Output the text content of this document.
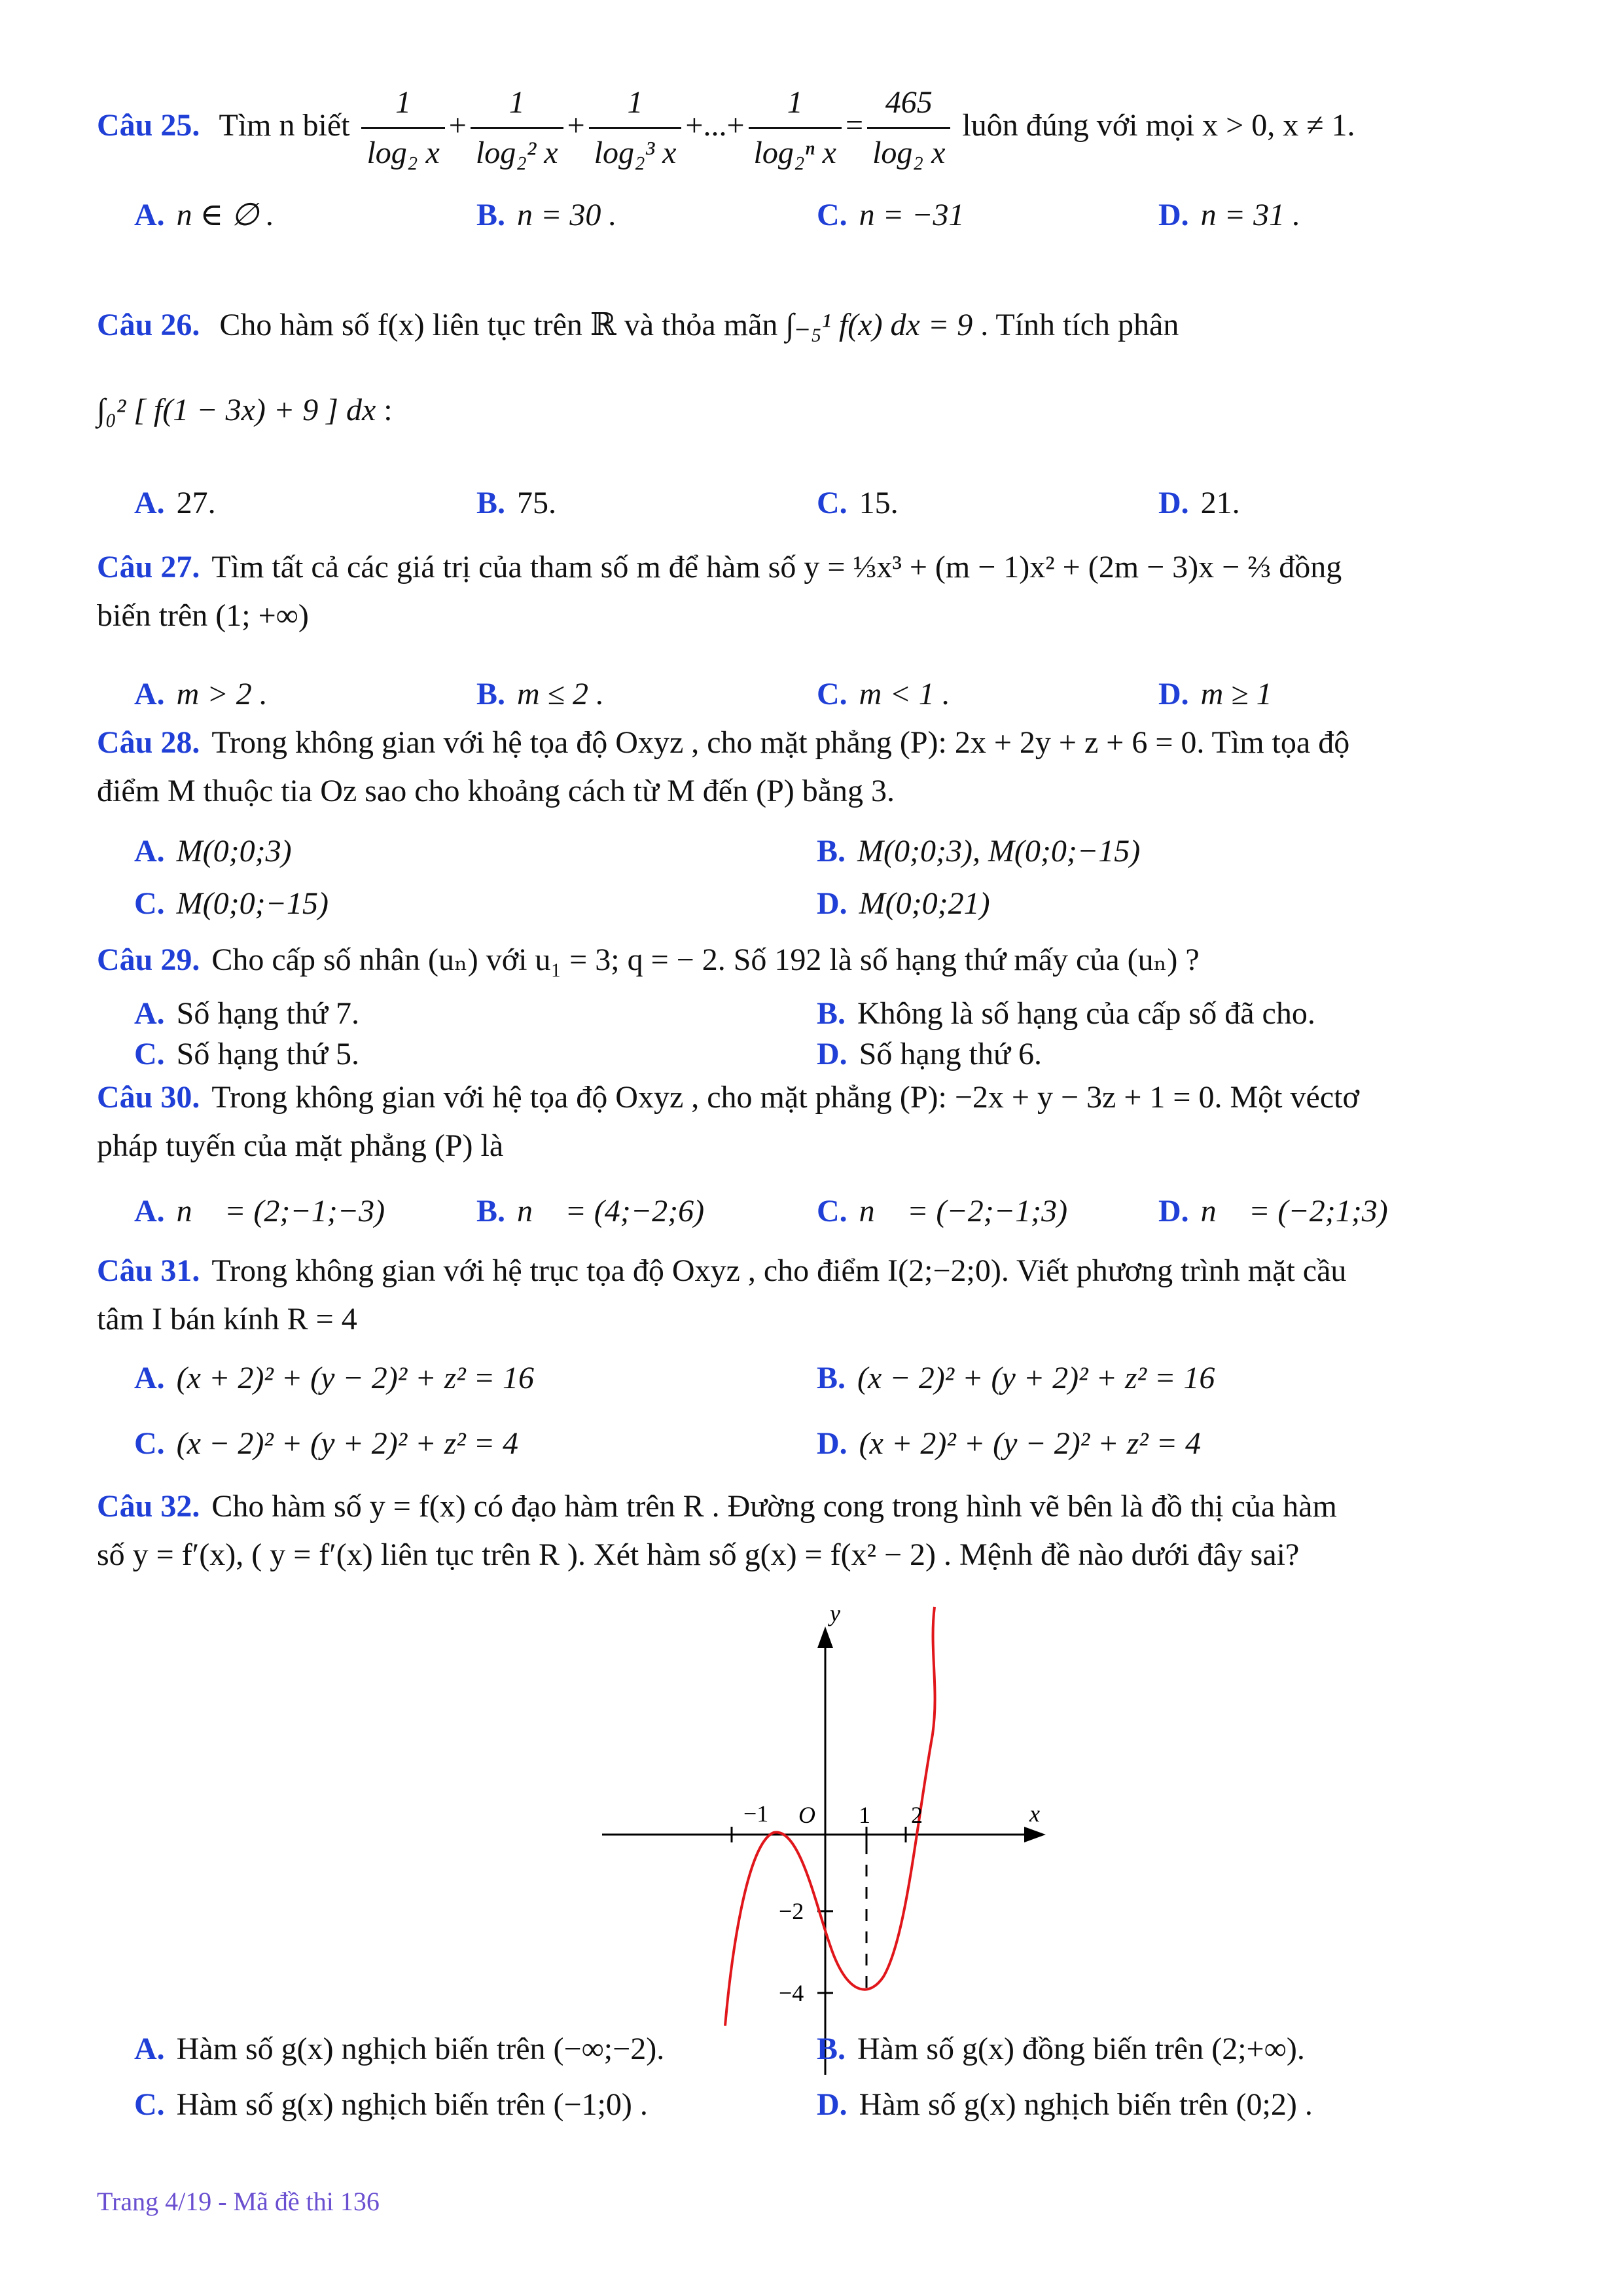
Câu 25. Tìm n biết $\frac{1}{\text{log₂ x}} + \frac{1}{\text{log₂² x}} + \frac{1}{\text{log₂³ x}}$ +...+ $\frac{1}{\text{log₂ⁿ x}} = \frac{465}{\text{log₂ x}}$ luôn đúng với mọi x > 0, x ≠ 1.
A. n ∈ ∅ .	B. n = 30 .	C. n = −31	D. n = 31 .
Câu 26. Cho hàm số f(x) liên tục trên ℝ và thỏa mãn ∫₋₅¹ f(x) dx = 9 . Tính tích phân
∫₀² [ f(1 − 3x) + 9 ] dx :
A. 27.	B. 75.	C. 15.	D. 21.
Câu 27. Tìm tất cả các giá trị của tham số m để hàm số y = ⅓x³ + (m − 1)x² + (2m − 3)x − ⅔ đồng
biến trên (1; +∞)
A. m > 2 .	B. m ≤ 2 .	C. m < 1 .	D. m ≥ 1
Câu 28. Trong không gian với hệ tọa độ Oxyz , cho mặt phẳng (P): 2x + 2y + z + 6 = 0. Tìm tọa độ
điểm M thuộc tia Oz sao cho khoảng cách từ M đến (P) bằng 3.
A. M(0;0;3)	B. M(0;0;3), M(0;0;−15)
C. M(0;0;−15)	D. M(0;0;21)
Câu 29. Cho cấp số nhân (uₙ) với u₁ = 3; q = − 2. Số 192 là số hạng thứ mấy của (uₙ) ?
A. Số hạng thứ 7.	B. Không là số hạng của cấp số đã cho.
C. Số hạng thứ 5.	D. Số hạng thứ 6.
Câu 30. Trong không gian với hệ tọa độ Oxyz , cho mặt phẳng (P): −2x + y − 3z + 1 = 0. Một véctơ
pháp tuyến của mặt phẳng (P) là
A. n⃗ = (2;−1;−3)	B. n⃗ = (4;−2;6)	C. n⃗ = (−2;−1;3)	D. n⃗ = (−2;1;3)
Câu 31. Trong không gian với hệ trục tọa độ Oxyz , cho điểm I(2;−2;0). Viết phương trình mặt cầu
tâm I bán kính R = 4
A. (x + 2)² + (y − 2)² + z² = 16	B. (x − 2)² + (y + 2)² + z² = 16
C. (x − 2)² + (y + 2)² + z² = 4	D. (x + 2)² + (y − 2)² + z² = 4
Câu 32. Cho hàm số y = f(x) có đạo hàm trên R . Đường cong trong hình vẽ bên là đồ thị của hàm
số y = f′(x), ( y = f′(x) liên tục trên R ). Xét hàm số g(x) = f(x² − 2) . Mệnh đề nào dưới đây sai?
y
x
O
−1	1 2
−2
−4
A. Hàm số g(x) nghịch biến trên (−∞;−2).	B. Hàm số g(x) đồng biến trên (2;+∞).
C. Hàm số g(x) nghịch biến trên (−1;0) .	D. Hàm số g(x) nghịch biến trên (0;2) .
Trang 4/19 - Mã đề thi 136
